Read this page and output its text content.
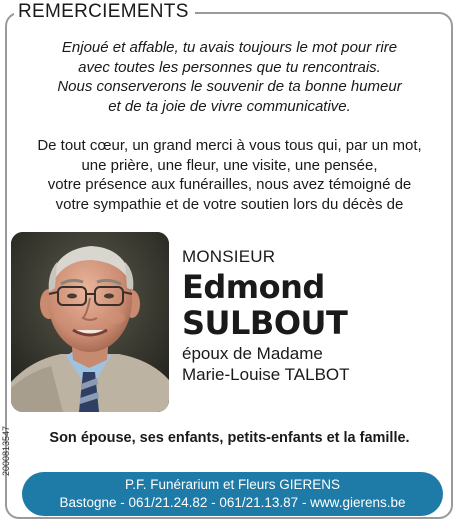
REMERCIEMENTS
Enjoué et affable, tu avais toujours le mot pour rire
avec toutes les personnes que tu rencontrais.
Nous conserverons le souvenir de ta bonne humeur
et de ta joie de vivre communicative.
De tout cœur, un grand merci à vous tous qui, par un mot,
une prière, une fleur, une visite, une pensée,
votre présence aux funérailles, nous avez témoigné de
votre sympathie et de votre soutien lors du décès de
MONSIEUR
Edmond
SULBOUT
époux de Madame
Marie-Louise TALBOT
2000813547	Son épouse, ses enfants, petits-enfants et la famille.
P.F. Funérarium et Fleurs GIERENS
Bastogne - 061/21.24.82 - 061/21.13.87 - www.gierens.be
